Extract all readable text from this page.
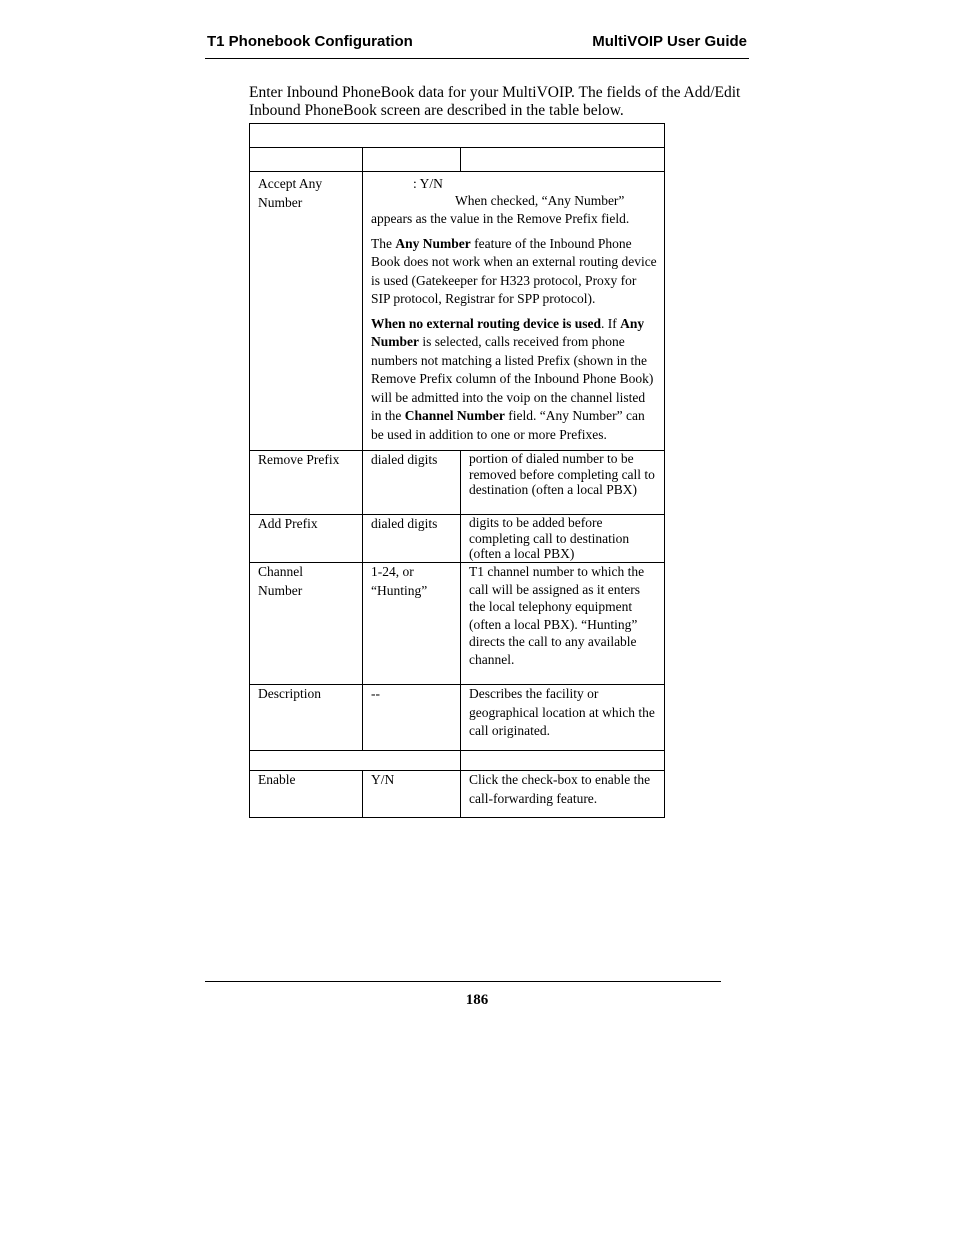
T1 Phonebook Configuration	MultiVOIP User Guide
Enter Inbound PhoneBook data for your MultiVOIP. The fields of the Add/Edit Inbound PhoneBook screen are described in the table below.

Accept Any Number	: Y/N

When checked, “Any Number” appears as the value in the Remove Prefix field.

The Any Number feature of the Inbound Phone Book does not work when an external routing device is used (Gatekeeper for H323 protocol, Proxy for SIP protocol, Registrar for SPP protocol).

When no external routing device is used. If Any Number is selected, calls received from phone numbers not matching a listed Prefix (shown in the Remove Prefix column of the Inbound Phone Book) will be admitted into the voip on the channel listed in the Channel Number field. “Any Number” can be used in addition to one or more Prefixes.	

Remove Prefix	dialed digits	portion of dialed number to be removed before completing call to destination (often a local PBX)
Add Prefix	dialed digits	digits to be added before completing call to destination (often a local PBX)
Channel Number	1-24, or “Hunting”	T1 channel number to which the call will be assigned as it enters the local telephony equipment
(often a local PBX). “Hunting” directs the call to any available channel.

Description	--	Describes the facility or geographical location at which the call originated.

Enable	Y/N	Click the check-box to enable the call-forwarding feature.
186
